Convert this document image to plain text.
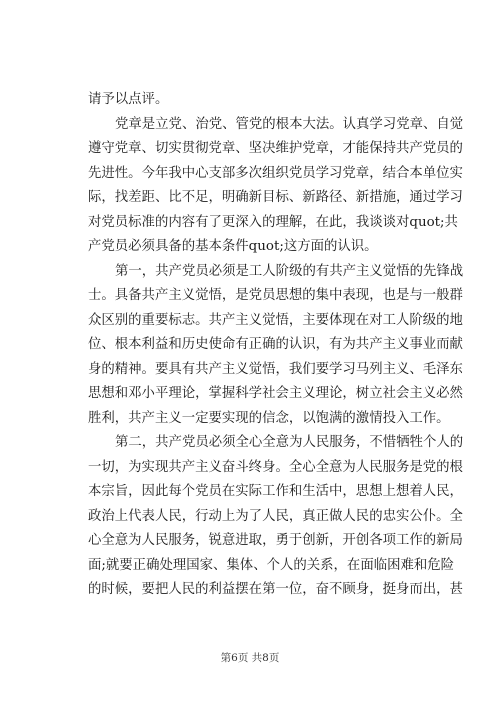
请予以点评。
党章是立党、治党、管党的根本大法。认真学习党章、自觉
遵守党章、切实贯彻党章、坚决维护党章，才能保持共产党员的
先进性。今年我中心支部多次组织党员学习党章，结合本单位实
际，找差距、比不足，明确新目标、新路径、新措施，通过学习
对党员标准的内容有了更深入的理解，在此，我谈谈对quot;共
产党员必须具备的基本条件quot;这方面的认识。
第一，共产党员必须是工人阶级的有共产主义觉悟的先锋战
士。具备共产主义觉悟，是党员思想的集中表现，也是与一般群
众区别的重要标志。共产主义觉悟，主要体现在对工人阶级的地
位、根本利益和历史使命有正确的认识，有为共产主义事业而献
身的精神。要具有共产主义觉悟，我们要学习马列主义、毛泽东
思想和邓小平理论，掌握科学社会主义理论，树立社会主义必然
胜利，共产主义一定要实现的信念，以饱满的激情投入工作。
第二，共产党员必须全心全意为人民服务，不惜牺牲个人的
一切，为实现共产主义奋斗终身。全心全意为人民服务是党的根
本宗旨，因此每个党员在实际工作和生活中，思想上想着人民，
政治上代表人民，行动上为了人民，真正做人民的忠实公仆。全
心全意为人民服务，锐意进取，勇于创新，开创各项工作的新局
面;就要正确处理国家、集体、个人的关系，在面临困难和危险
的时候，要把人民的利益摆在第一位，奋不顾身，挺身而出，甚
第6页 共8页
